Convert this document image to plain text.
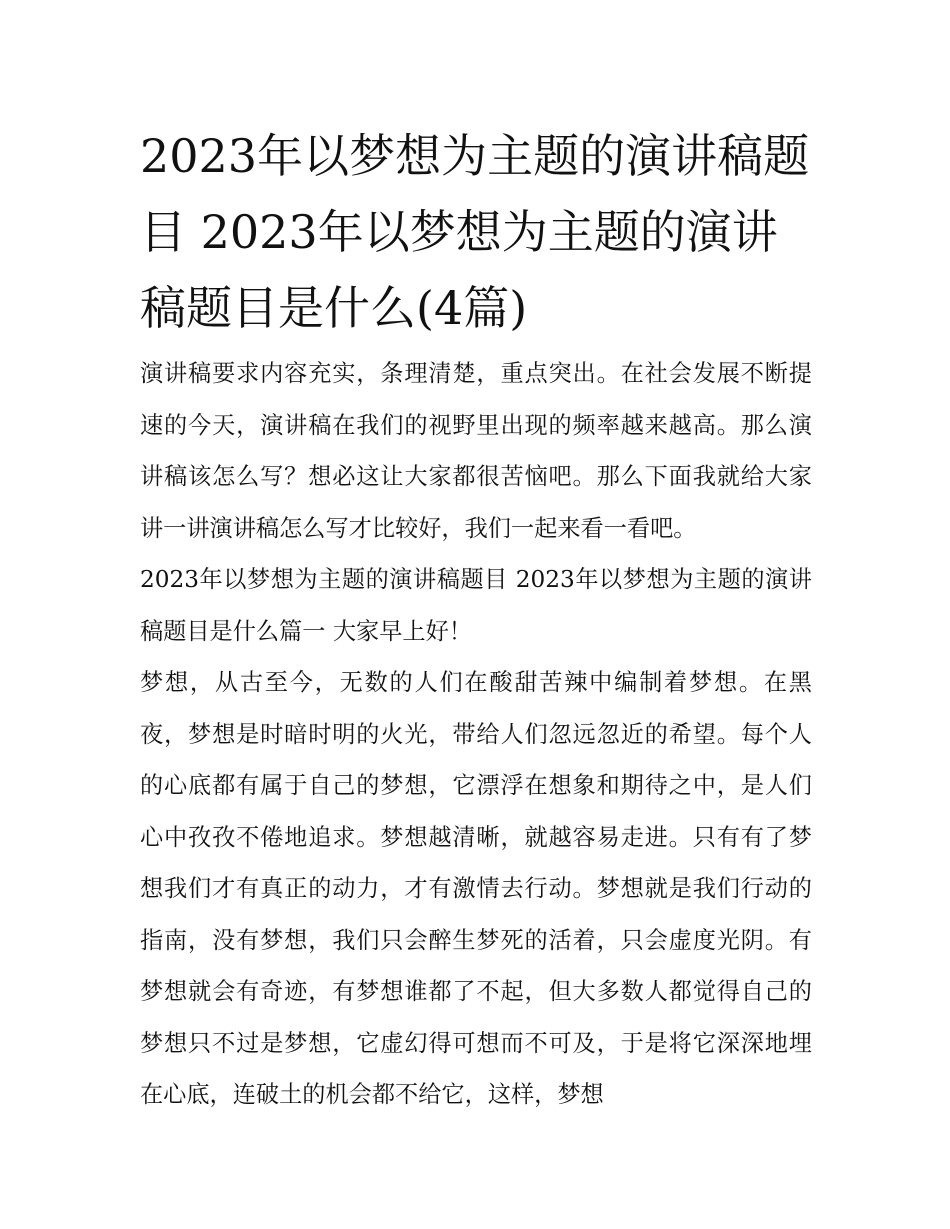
2023年以梦想为主题的演讲稿题目 2023年以梦想为主题的演讲稿题目是什么(4篇)

演讲稿要求内容充实，条理清楚，重点突出。在社会发展不断提速的今天，演讲稿在我们的视野里出现的频率越来越高。那么演讲稿该怎么写？想必这让大家都很苦恼吧。那么下面我就给大家讲一讲演讲稿怎么写才比较好，我们一起来看一看吧。

2023年以梦想为主题的演讲稿题目 2023年以梦想为主题的演讲稿题目是什么篇一 大家早上好！

梦想，从古至今，无数的人们在酸甜苦辣中编制着梦想。在黑夜，梦想是时暗时明的火光，带给人们忽远忽近的希望。每个人的心底都有属于自己的梦想，它漂浮在想象和期待之中，是人们心中孜孜不倦地追求。梦想越清晰，就越容易走进。只有有了梦想我们才有真正的动力，才有激情去行动。梦想就是我们行动的指南，没有梦想，我们只会醉生梦死的活着，只会虚度光阴。有梦想就会有奇迹，有梦想谁都了不起，但大多数人都觉得自己的梦想只不过是梦想，它虚幻得可想而不可及，于是将它深深地埋在心底，连破土的机会都不给它，这样，梦想
